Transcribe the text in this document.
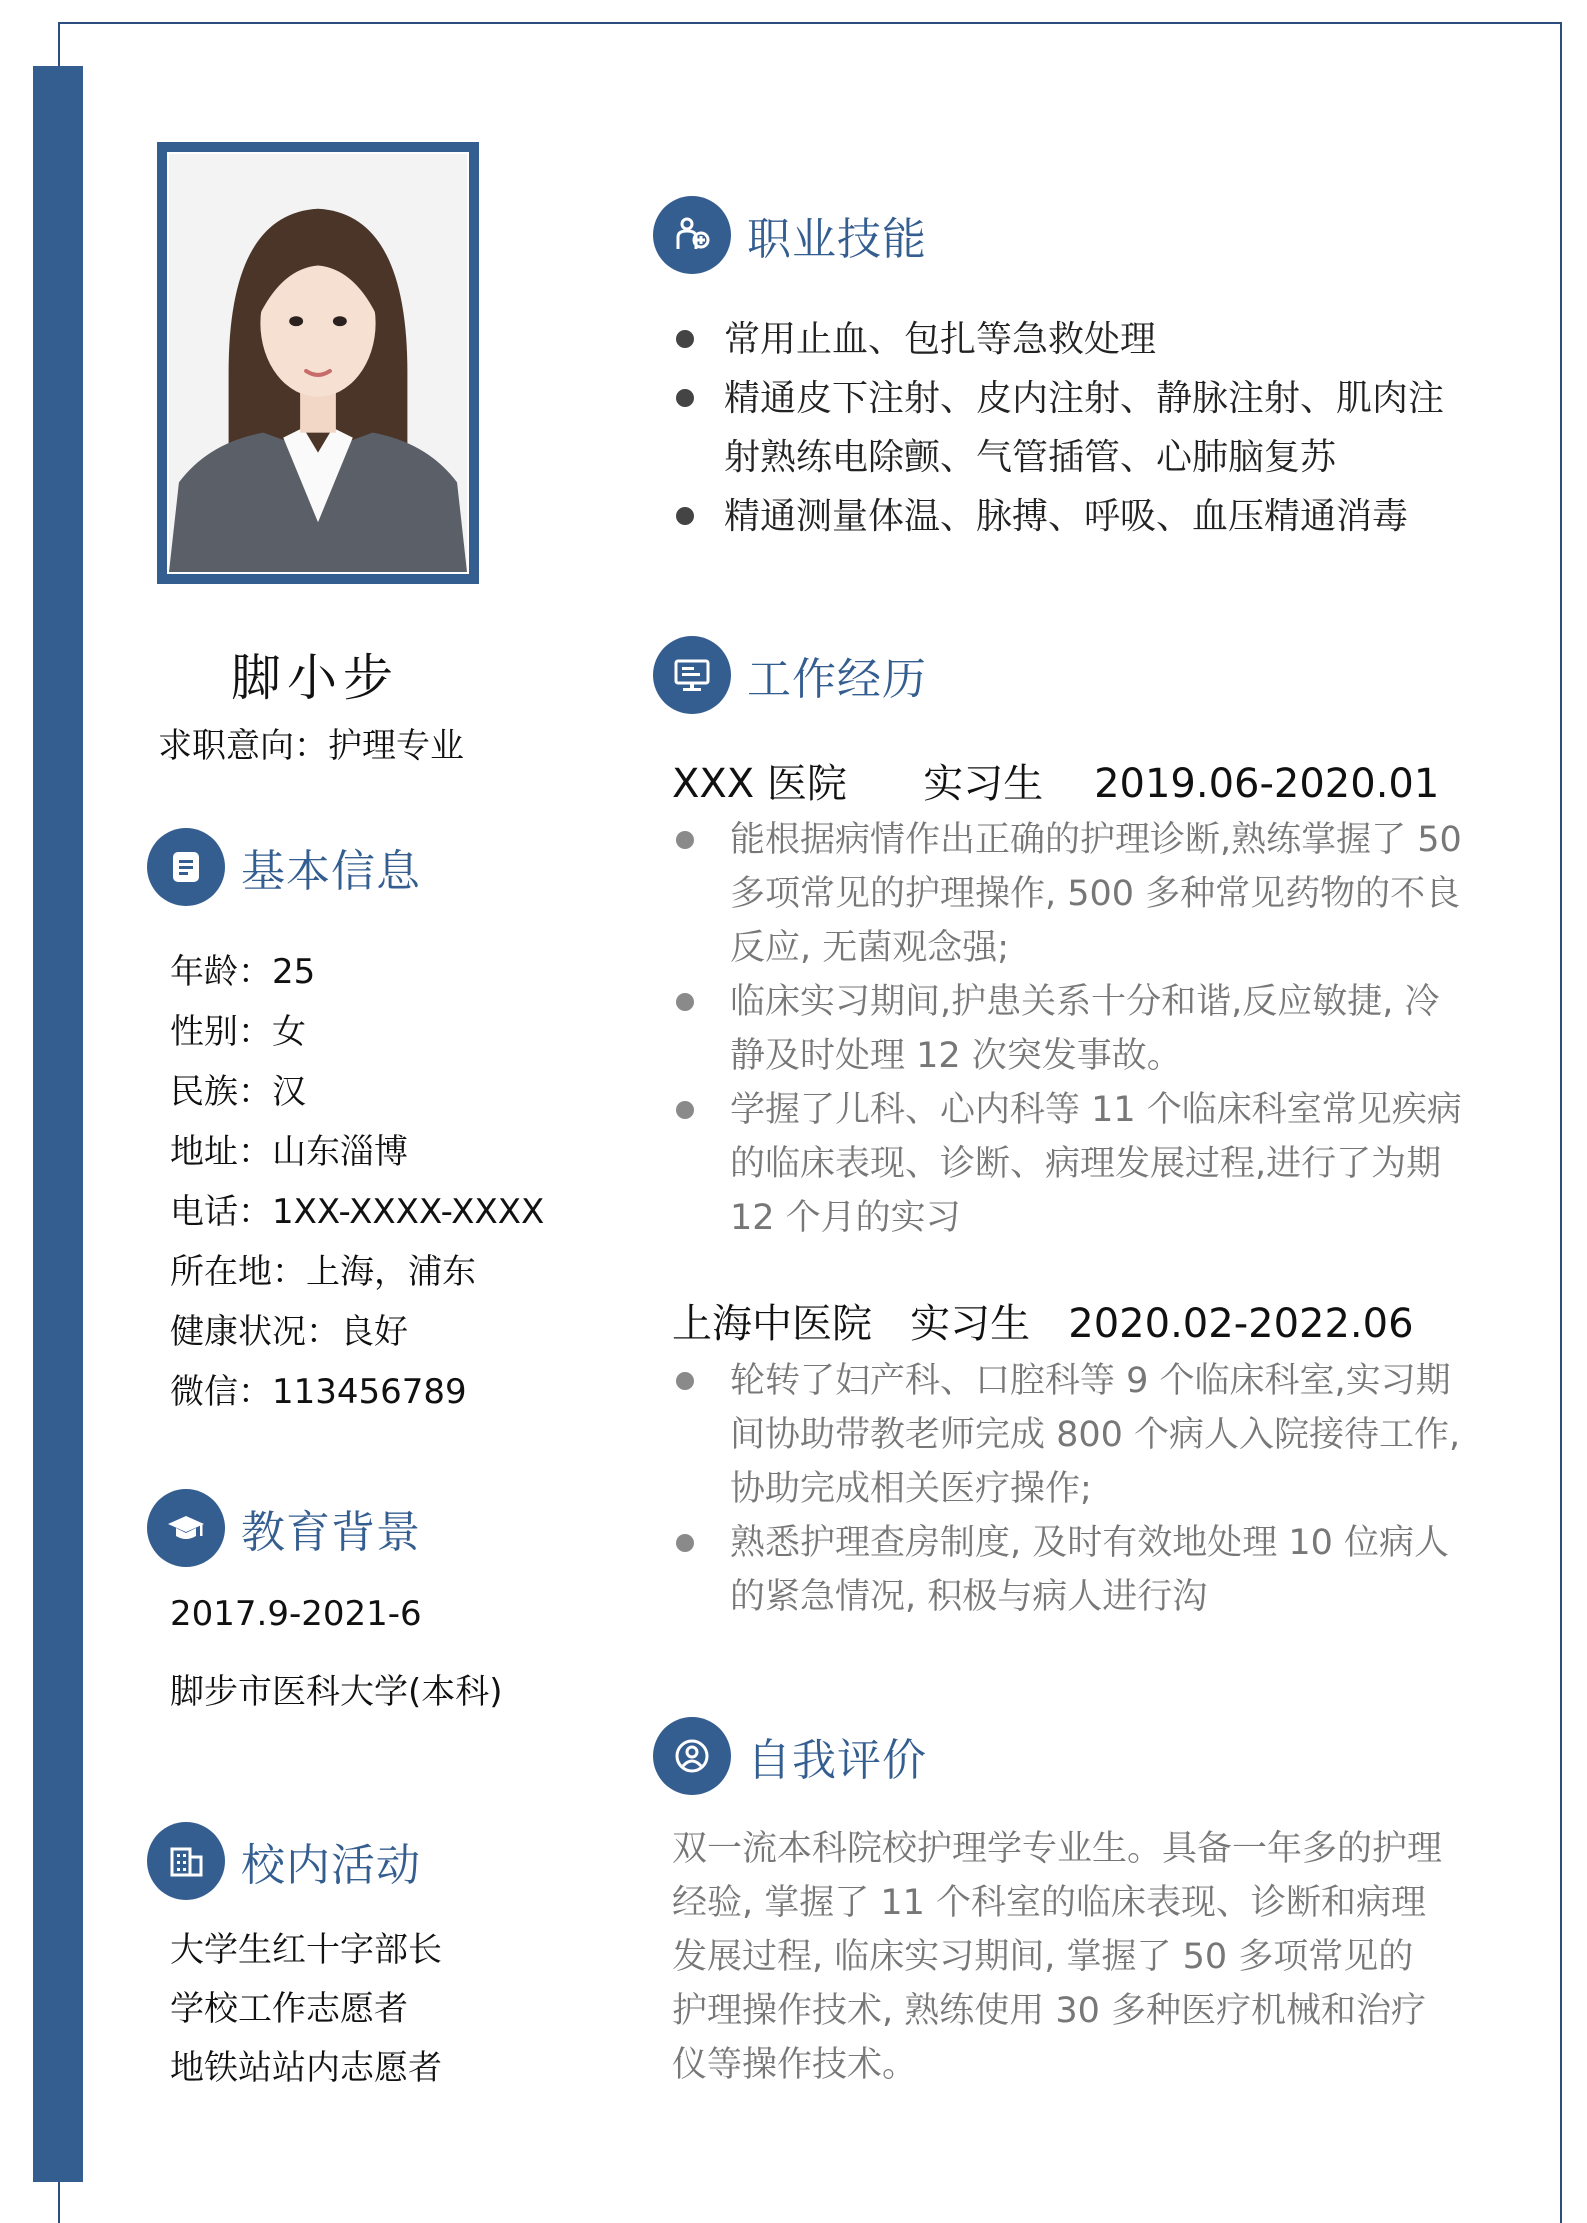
脚小步
求职意向：护理专业
基本信息
年龄：25
性别：女
民族：汉
地址：山东淄博
电话：1XX-XXXX-XXXX
所在地：上海，浦东
健康状况：良好
微信：113456789
教育背景
2017.9-2021-6
脚步市医科大学(本科)
校内活动
大学生红十字部长
学校工作志愿者
地铁站站内志愿者
职业技能
常用止血、包扎等急救处理
精通皮下注射、皮内注射、静脉注射、肌肉注射熟练电除颤、气管插管、心肺脑复苏
精通测量体温、脉搏、呼吸、血压精通消毒
工作经历
XXX 医院      实习生    2019.06-2020.01
能根据病情作出正确的护理诊断,熟练掌握了 50 多项常见的护理操作, 500 多种常见药物的不良反应, 无菌观念强;
临床实习期间,护患关系十分和谐,反应敏捷, 冷静及时处理 12 次突发事故。
学握了儿科、心内科等 11 个临床科室常见疾病的临床表现、诊断、病理发展过程,进行了为期 12 个月的实习
上海中医院   实习生   2020.02-2022.06
轮转了妇产科、口腔科等 9 个临床科室,实习期间协助带教老师完成 800 个病人入院接待工作, 协助完成相关医疗操作;
熟悉护理查房制度, 及时有效地处理 10 位病人的紧急情况, 积极与病人进行沟
自我评价
双一流本科院校护理学专业生。具备一年多的护理经验, 掌握了 11 个科室的临床表现、诊断和病理发展过程, 临床实习期间, 掌握了 50 多项常见的护理操作技术, 熟练使用 30 多种医疗机械和治疗仪等操作技术。
